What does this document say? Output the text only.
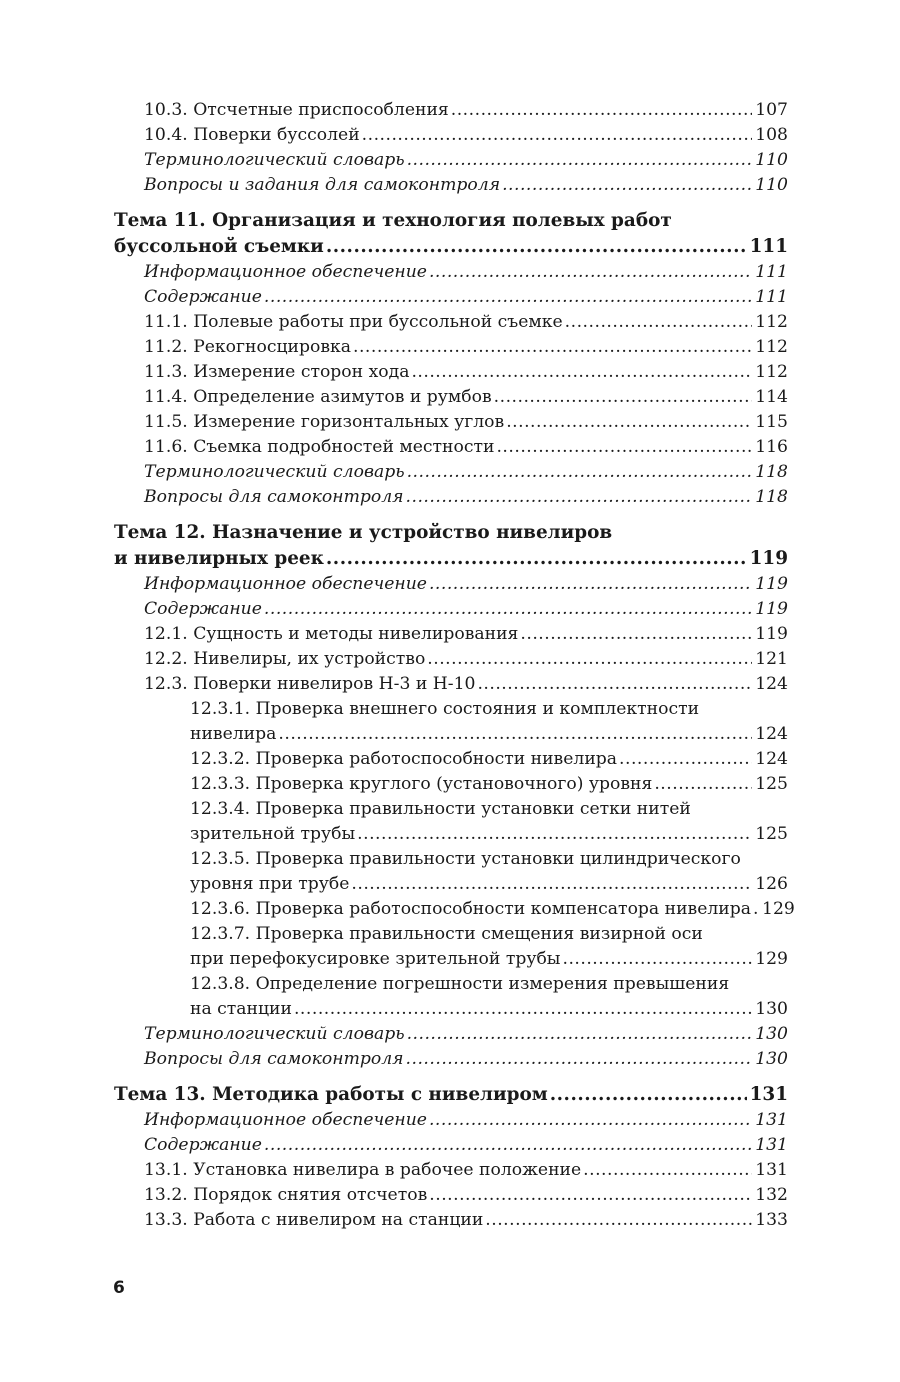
10.3. Отсчетные приспособления .....	107
10.4. Поверки буссолей .....	108
Терминологический словарь .....	110
Вопросы и задания для самоконтроля .....	110
Тема 11. Организация и технология полевых работ
буссольной съемки .....	111
Информационное обеспечение .....	111
Содержание .....	111
11.1. Полевые работы при буссольной съемке .....	112
11.2. Рекогносцировка .....	112
11.3. Измерение сторон хода .....	112
11.4. Определение азимутов и румбов .....	114
11.5. Измерение горизонтальных углов .....	115
11.6. Съемка подробностей местности .....	116
Терминологический словарь .....	118
Вопросы для самоконтроля .....	118
Тема 12. Назначение и устройство нивелиров
и нивелирных реек .....	119
Информационное обеспечение .....	119
Содержание .....	119
12.1. Сущность и методы нивелирования .....	119
12.2. Нивелиры, их устройство .....	121
12.3. Поверки нивелиров Н-3 и Н-10 .....	124
12.3.1. Проверка внешнего состояния и комплектности
нивелира .....	124
12.3.2. Проверка работоспособности нивелира .....	124
12.3.3. Проверка круглого (установочного) уровня .....	125
12.3.4. Проверка правильности установки сетки нитей
зрительной трубы .....	125
12.3.5. Проверка правильности установки цилиндрического
уровня при трубе .....	126
12.3.6. Проверка работоспособности компенсатора нивелира ..... 129
12.3.7. Проверка правильности смещения визирной оси
при перефокусировке зрительной трубы .....	129
12.3.8. Определение погрешности измерения превышения
на станции .....	130
Терминологический словарь .....	130
Вопросы для самоконтроля .....	130
Тема 13. Методика работы с нивелиром .....	131
Информационное обеспечение .....	131
Содержание .....	131
13.1. Установка нивелира в рабочее положение .....	131
13.2. Порядок снятия отсчетов .....	132
13.3. Работа с нивелиром на станции .....	133
6
